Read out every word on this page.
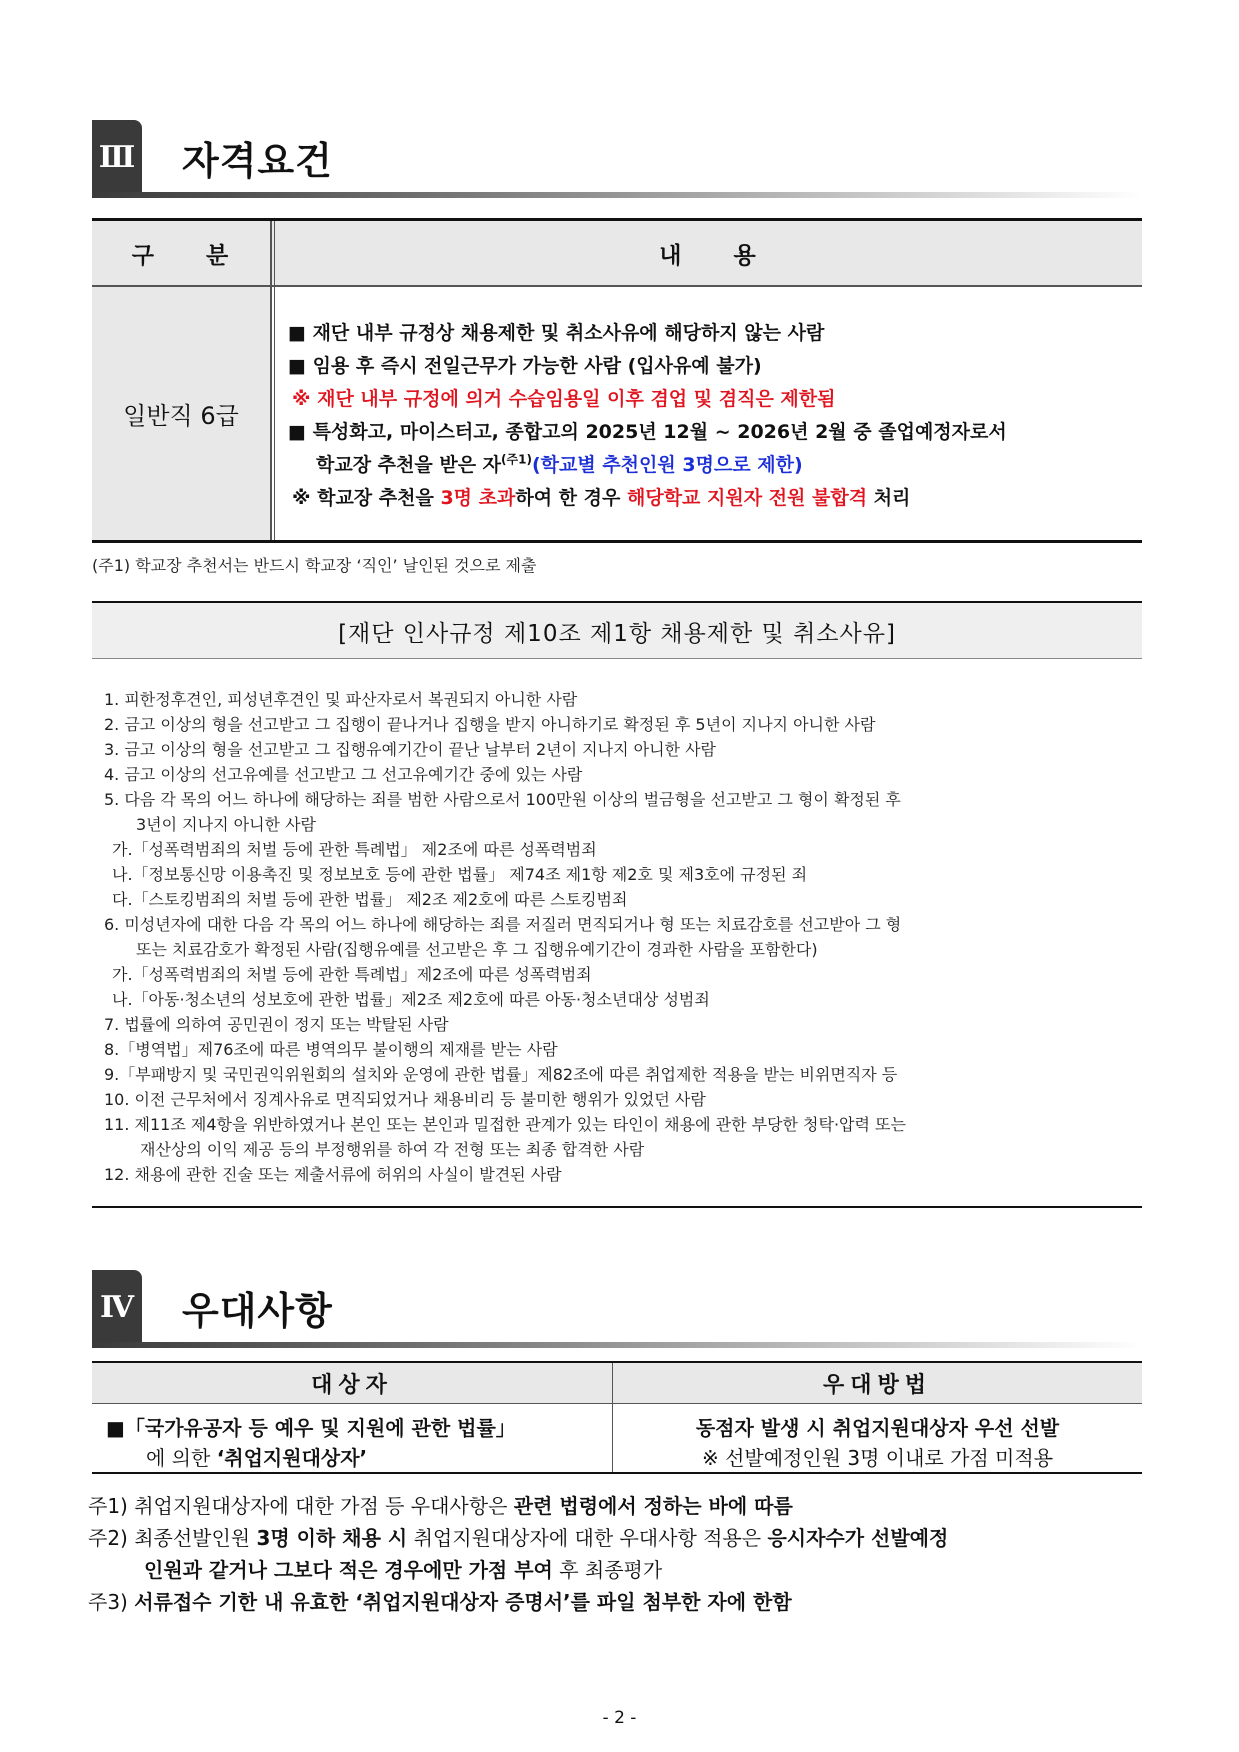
Ⅲ 자격요건
구　　분	내　　용
일반직 6급
■ 재단 내부 규정상 채용제한 및 취소사유에 해당하지 않는 사람
■ 임용 후 즉시 전일근무가 가능한 사람 (입사유예 불가)
※ 재단 내부 규정에 의거 수습임용일 이후 겸업 및 겸직은 제한됨
■ 특성화고, 마이스터고, 종합고의 2025년 12월 ~ 2026년 2월 중 졸업예정자로서
학교장 추천을 받은 자$^{(주1)}$(학교별 추천인원 3명으로 제한)
※ 학교장 추천을 3명 초과하여 한 경우 해당학교 지원자 전원 불합격 처리
(주1) 학교장 추천서는 반드시 학교장 ‘직인’ 날인된 것으로 제출
[재단 인사규정 제10조 제1항 채용제한 및 취소사유]
1. 피한정후견인, 피성년후견인 및 파산자로서 복권되지 아니한 사람
2. 금고 이상의 형을 선고받고 그 집행이 끝나거나 집행을 받지 아니하기로 확정된 후 5년이 지나지 아니한 사람
3. 금고 이상의 형을 선고받고 그 집행유예기간이 끝난 날부터 2년이 지나지 아니한 사람
4. 금고 이상의 선고유예를 선고받고 그 선고유예기간 중에 있는 사람
5. 다음 각 목의 어느 하나에 해당하는 죄를 범한 사람으로서 100만원 이상의 벌금형을 선고받고 그 형이 확정된 후
3년이 지나지 아니한 사람
가.「성폭력범죄의 처벌 등에 관한 특례법」 제2조에 따른 성폭력범죄
나.「정보통신망 이용촉진 및 정보보호 등에 관한 법률」 제74조 제1항 제2호 및 제3호에 규정된 죄
다.「스토킹범죄의 처벌 등에 관한 법률」 제2조 제2호에 따른 스토킹범죄
6. 미성년자에 대한 다음 각 목의 어느 하나에 해당하는 죄를 저질러 면직되거나 형 또는 치료감호를 선고받아 그 형
또는 치료감호가 확정된 사람(집행유예를 선고받은 후 그 집행유예기간이 경과한 사람을 포함한다)
가.「성폭력범죄의 처벌 등에 관한 특례법」제2조에 따른 성폭력범죄
나.「아동·청소년의 성보호에 관한 법률」제2조 제2호에 따른 아동·청소년대상 성범죄
7. 법률에 의하여 공민권이 정지 또는 박탈된 사람
8.「병역법」제76조에 따른 병역의무 불이행의 제재를 받는 사람
9.「부패방지 및 국민권익위원회의 설치와 운영에 관한 법률」제82조에 따른 취업제한 적용을 받는 비위면직자 등
10. 이전 근무처에서 징계사유로 면직되었거나 채용비리 등 불미한 행위가 있었던 사람
11. 제11조 제4항을 위반하였거나 본인 또는 본인과 밀접한 관계가 있는 타인이 채용에 관한 부당한 청탁·압력 또는
재산상의 이익 제공 등의 부정행위를 하여 각 전형 또는 최종 합격한 사람
12. 채용에 관한 진술 또는 제출서류에 허위의 사실이 발견된 사람
Ⅳ 우대사항
대상자	우대방법
■「국가유공자 등 예우 및 지원에 관한 법률」
에 의한 ‘취업지원대상자’
동점자 발생 시 취업지원대상자 우선 선발
※ 선발예정인원 3명 이내로 가점 미적용
주1) 취업지원대상자에 대한 가점 등 우대사항은 관련 법령에서 정하는 바에 따름
주2) 최종선발인원 3명 이하 채용 시 취업지원대상자에 대한 우대사항 적용은 응시자수가 선발예정
인원과 같거나 그보다 적은 경우에만 가점 부여 후 최종평가
주3) 서류접수 기한 내 유효한 ‘취업지원대상자 증명서’를 파일 첨부한 자에 한함
- 2 -
